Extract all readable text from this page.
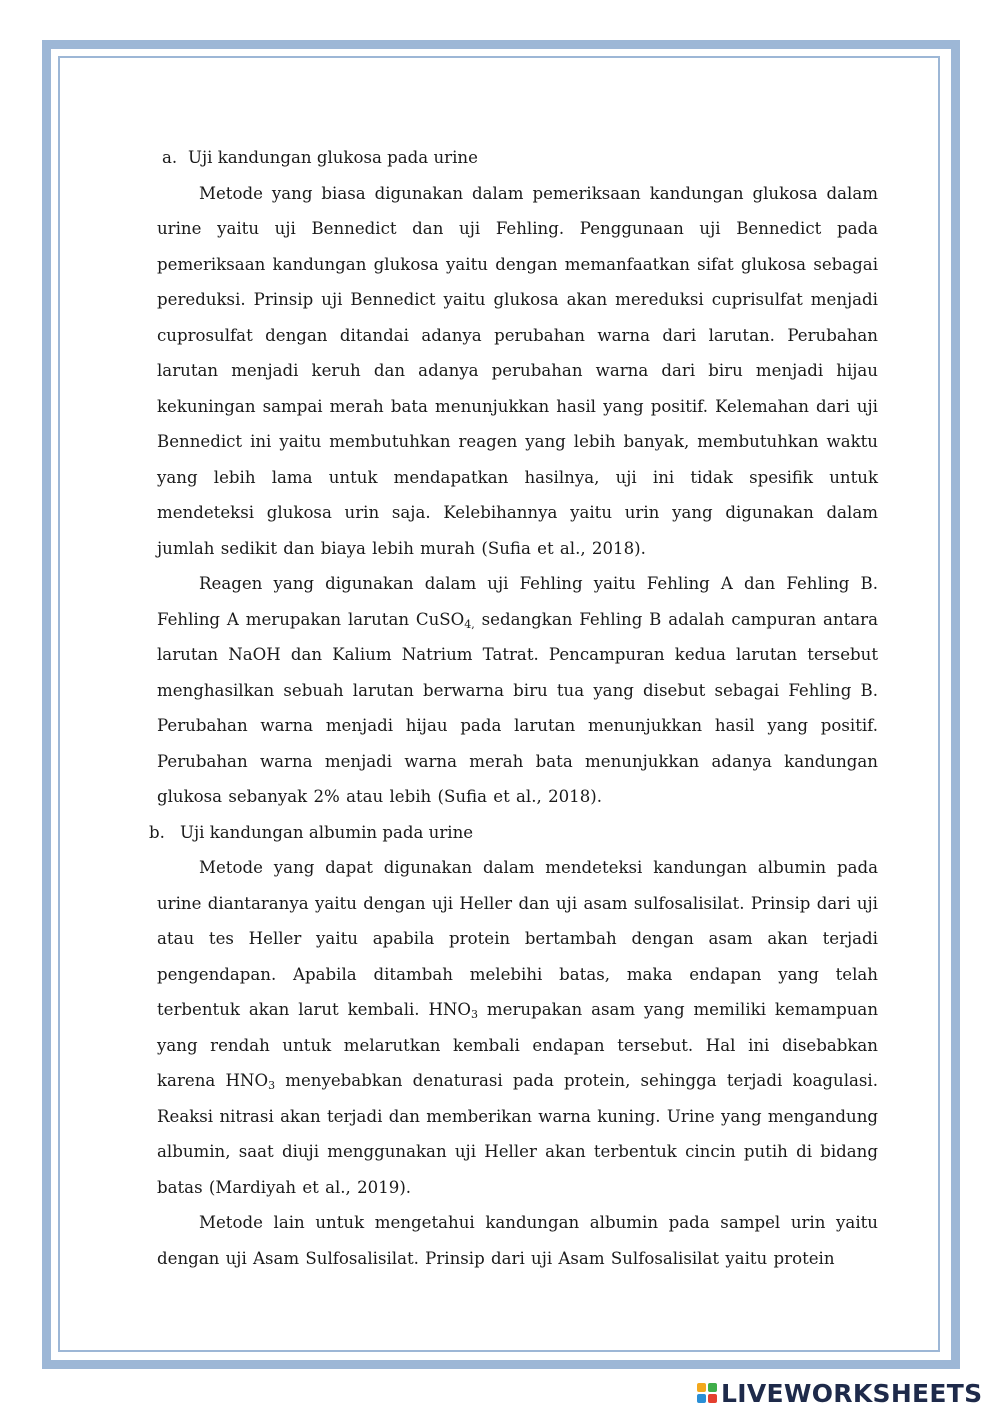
a. Uji kandungan glukosa pada urine

Metode yang biasa digunakan dalam pemeriksaan kandungan glukosa dalam urine yaitu uji Bennedict dan uji Fehling. Penggunaan uji Bennedict pada pemeriksaan kandungan glukosa yaitu dengan memanfaatkan sifat glukosa sebagai pereduksi. Prinsip uji Bennedict yaitu glukosa akan mereduksi cuprisulfat menjadi cuprosulfat dengan ditandai adanya perubahan warna dari larutan. Perubahan larutan menjadi keruh dan adanya perubahan warna dari biru menjadi hijau kekuningan sampai merah bata menunjukkan hasil yang positif. Kelemahan dari uji Bennedict ini yaitu membutuhkan reagen yang lebih banyak, membutuhkan waktu yang lebih lama untuk mendapatkan hasilnya, uji ini tidak spesifik untuk mendeteksi glukosa urin saja. Kelebihannya yaitu urin yang digunakan dalam jumlah sedikit dan biaya lebih murah (Sufia et al., 2018).

Reagen yang digunakan dalam uji Fehling yaitu Fehling A dan Fehling B. Fehling A merupakan larutan CuSO$_{4,}$ sedangkan Fehling B adalah campuran antara larutan NaOH dan Kalium Natrium Tatrat. Pencampuran kedua larutan tersebut menghasilkan sebuah larutan berwarna biru tua yang disebut sebagai Fehling B. Perubahan warna menjadi hijau pada larutan menunjukkan hasil yang positif. Perubahan warna menjadi warna merah bata menunjukkan adanya kandungan glukosa sebanyak 2% atau lebih (Sufia et al., 2018).

b. Uji kandungan albumin pada urine

Metode yang dapat digunakan dalam mendeteksi kandungan albumin pada urine diantaranya yaitu dengan uji Heller dan uji asam sulfosalisilat. Prinsip dari uji atau tes Heller yaitu apabila protein bertambah dengan asam akan terjadi pengendapan. Apabila ditambah melebihi batas, maka endapan yang telah terbentuk akan larut kembali. $HNO_3$ merupakan asam yang memiliki kemampuan yang rendah untuk melarutkan kembali endapan tersebut. Hal ini disebabkan karena $HNO_3$ menyebabkan denaturasi pada protein, sehingga terjadi koagulasi. Reaksi nitrasi akan terjadi dan memberikan warna kuning. Urine yang mengandung albumin, saat diuji menggunakan uji Heller akan terbentuk cincin putih di bidang batas (Mardiyah et al., 2019).

Metode lain untuk mengetahui kandungan albumin pada sampel urin yaitu dengan uji Asam Sulfosalisilat. Prinsip dari uji Asam Sulfosalisilat yaitu protein

LIVEWORKSHEETS
